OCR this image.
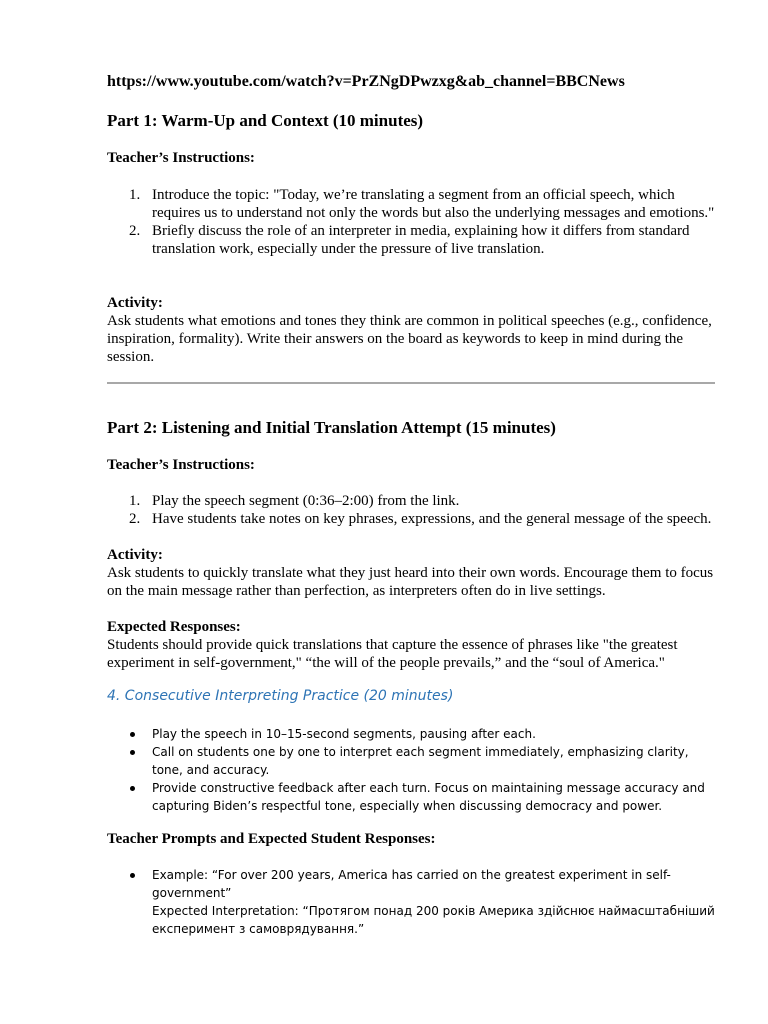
https://www.youtube.com/watch?v=PrZNgDPwzxg&ab_channel=BBCNews
Part 1: Warm-Up and Context (10 minutes)
Teacher’s Instructions:
1. Introduce the topic: "Today, we’re translating a segment from an official speech, which requires us to understand not only the words but also the underlying messages and emotions."
2. Briefly discuss the role of an interpreter in media, explaining how it differs from standard translation work, especially under the pressure of live translation.
Activity:
Ask students what emotions and tones they think are common in political speeches (e.g., confidence, inspiration, formality). Write their answers on the board as keywords to keep in mind during the session.
Part 2: Listening and Initial Translation Attempt (15 minutes)
Teacher’s Instructions:
1. Play the speech segment (0:36–2:00) from the link.
2. Have students take notes on key phrases, expressions, and the general message of the speech.
Activity:
Ask students to quickly translate what they just heard into their own words. Encourage them to focus on the main message rather than perfection, as interpreters often do in live settings.
Expected Responses:
Students should provide quick translations that capture the essence of phrases like "the greatest experiment in self-government," “the will of the people prevails,” and the “soul of America."
4. Consecutive Interpreting Practice (20 minutes)
Play the speech in 10–15-second segments, pausing after each.
Call on students one by one to interpret each segment immediately, emphasizing clarity, tone, and accuracy.
Provide constructive feedback after each turn. Focus on maintaining message accuracy and capturing Biden’s respectful tone, especially when discussing democracy and power.
Teacher Prompts and Expected Student Responses:
Example: “For over 200 years, America has carried on the greatest experiment in self-government”
Expected Interpretation: “Протягом понад 200 років Америка здійснює наймасштабніший експеримент з самоврядування.”
